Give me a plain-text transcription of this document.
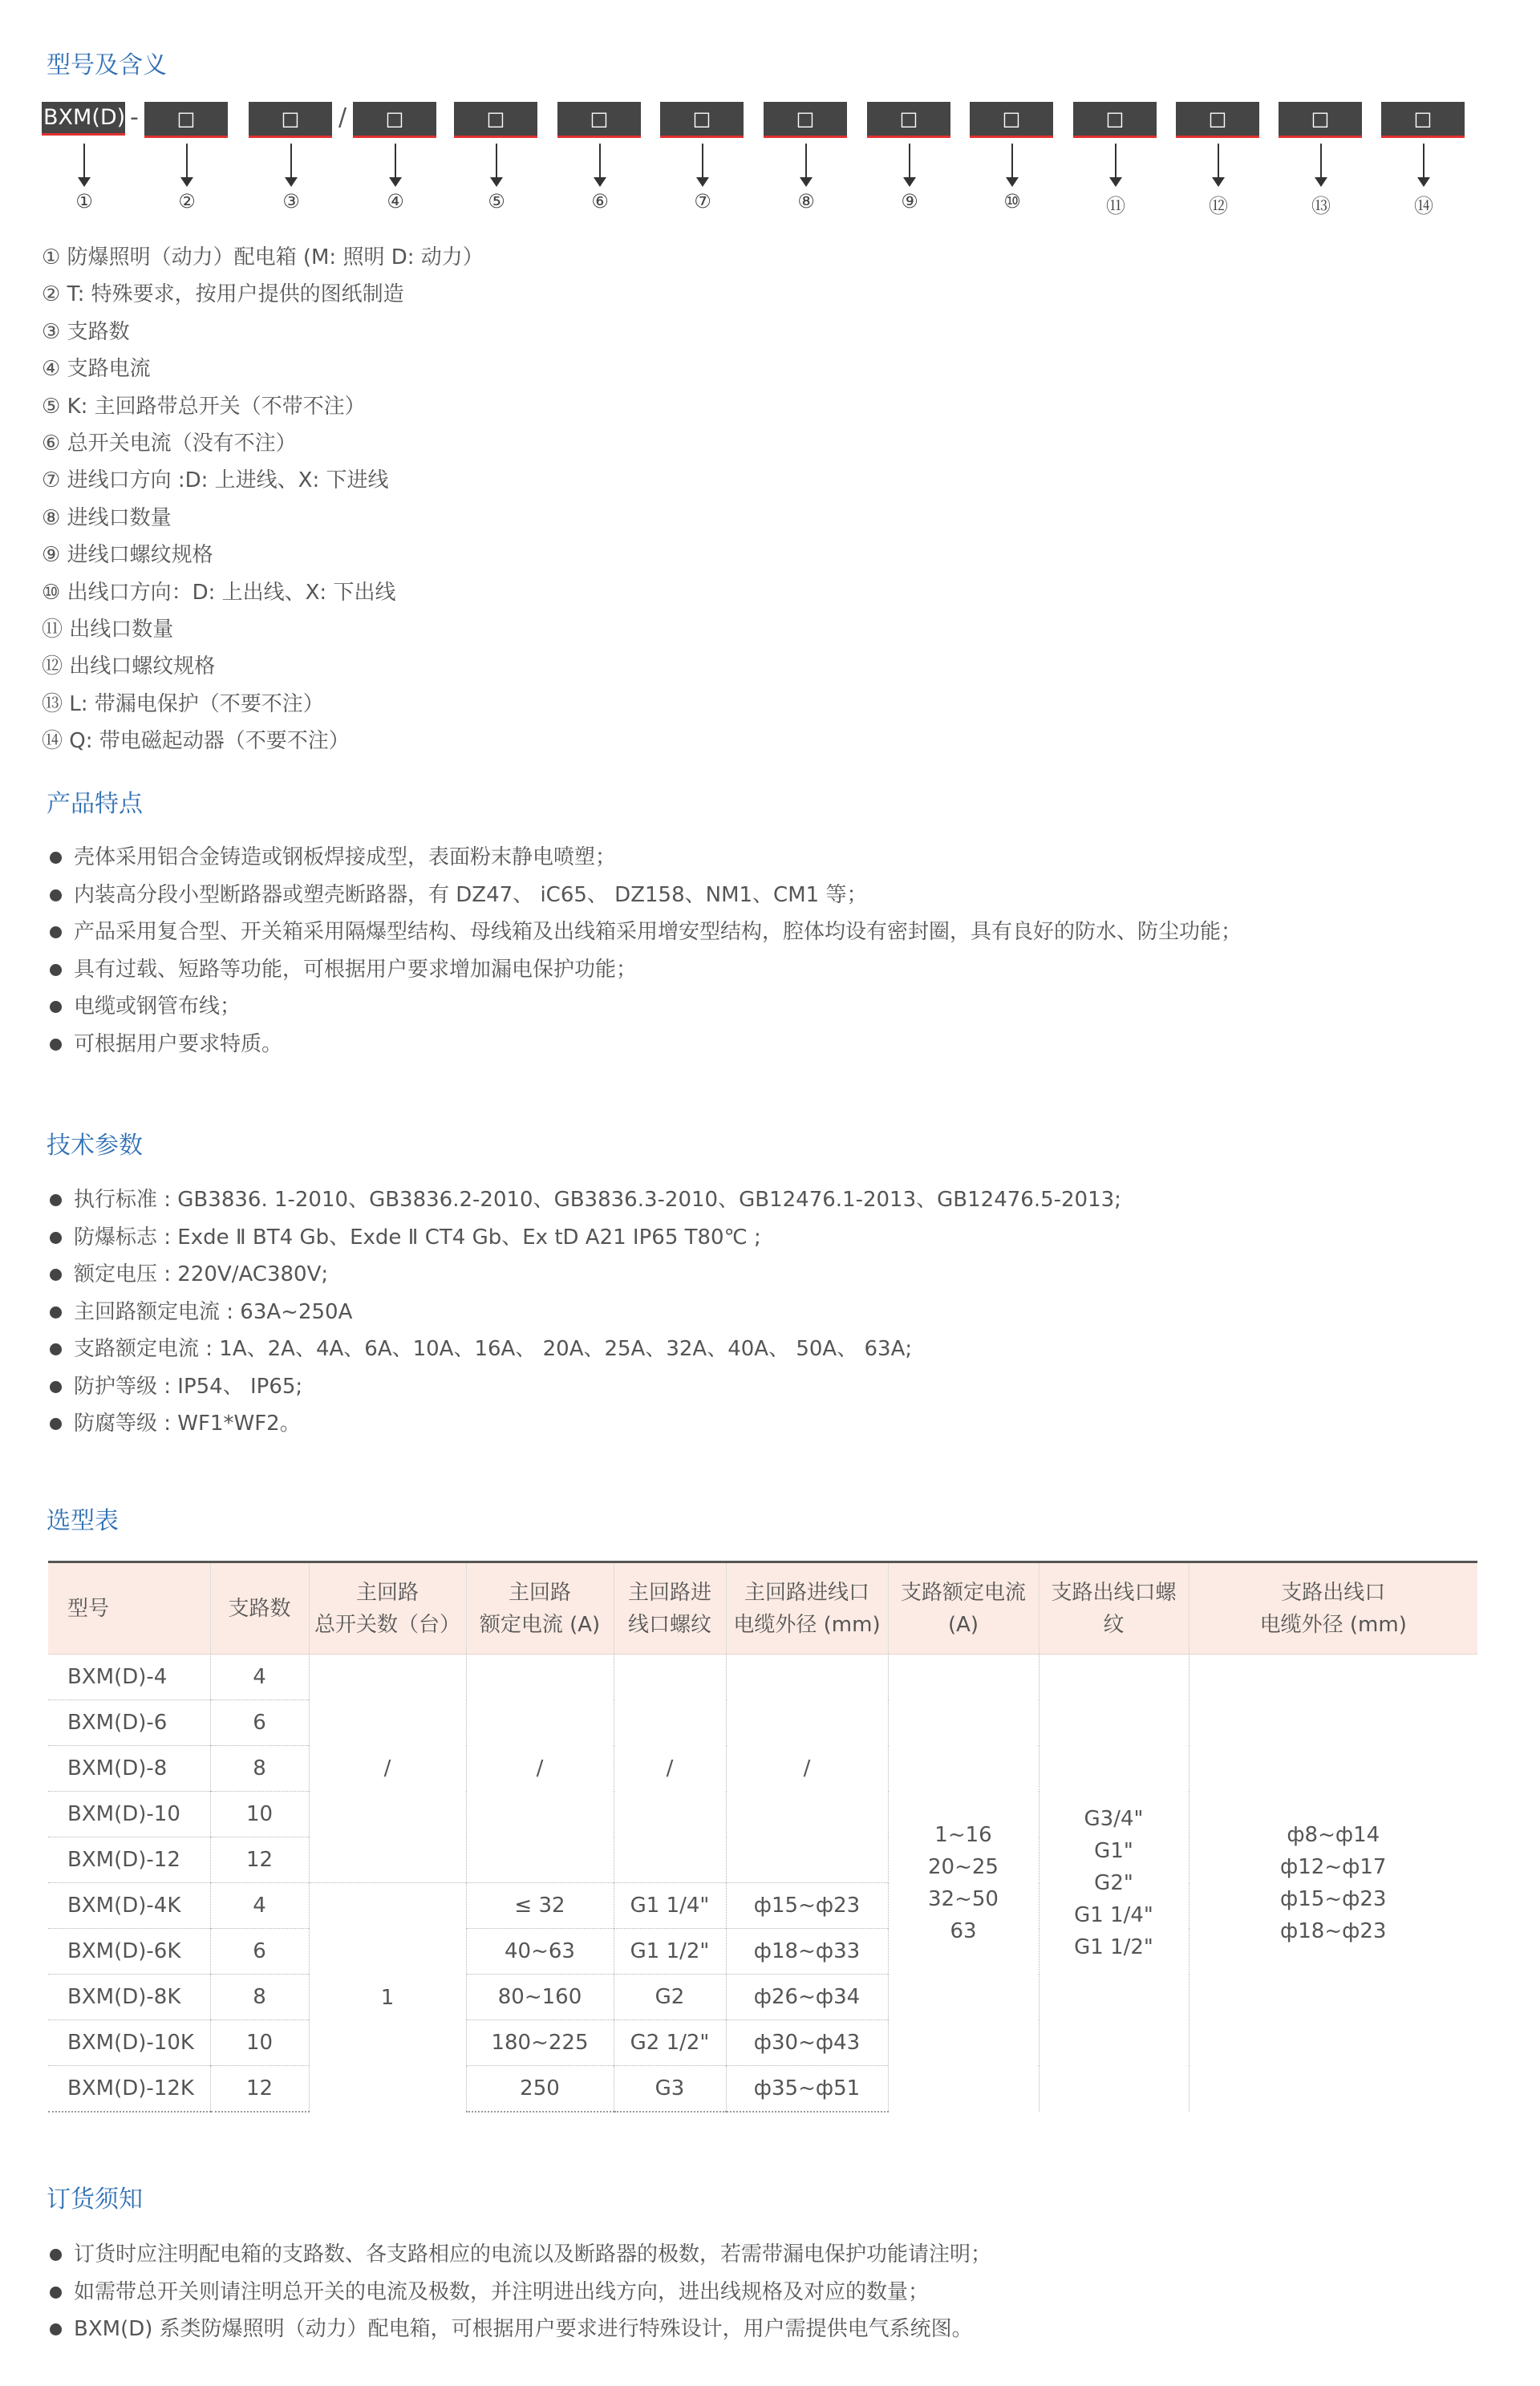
型号及含义
BXM(D) -	□	□	/	□	□	□	□	□	□	□	□	□	□	□
①	②	③	④	⑤	⑥	⑦	⑧	⑨	⑩	⑪	⑫	⑬	⑭
① 防爆照明（动力）配电箱 (M: 照明 D: 动力）
② T: 特殊要求，按用户提供的图纸制造
③ 支路数
④ 支路电流
⑤ K: 主回路带总开关（不带不注）
⑥ 总开关电流（没有不注）
⑦ 进线口方向 :D: 上进线、X: 下进线
⑧ 进线口数量
⑨ 进线口螺纹规格
⑩ 出线口方向：D: 上出线、X: 下出线
⑪ 出线口数量
⑫ 出线口螺纹规格
⑬ L: 带漏电保护（不要不注）
⑭ Q: 带电磁起动器（不要不注）
产品特点
壳体采用铝合金铸造或钢板焊接成型，表面粉末静电喷塑；
内装高分段小型断路器或塑壳断路器，有 DZ47、 iC65、 DZ158、NM1、CM1 等；
产品采用复合型、开关箱采用隔爆型结构、母线箱及出线箱采用增安型结构，腔体均设有密封圈，具有良好的防水、防尘功能；
具有过载、短路等功能，可根据用户要求增加漏电保护功能；
电缆或钢管布线；
可根据用户要求特质。
技术参数
执行标准 : GB3836. 1-2010、GB3836.2-2010、GB3836.3-2010、GB12476.1-2013、GB12476.5-2013;
防爆标志 : Exde Ⅱ BT4 Gb、Exde Ⅱ CT4 Gb、Ex tD A21 IP65 T80℃ ;
额定电压 : 220V/AC380V;
主回路额定电流 : 63A~250A
支路额定电流 : 1A、2A、4A、6A、10A、16A、 20A、25A、32A、40A、 50A、 63A;
防护等级 : IP54、 IP65;
防腐等级 : WF1*WF2。
选型表
型号	支路数	主回路
总开关数（台）	主回路
额定电流 (A)	主回路进
线口螺纹	主回路进线口
电缆外径 (mm)	支路额定电流
(A)	支路出线口螺
纹	支路出线口
电缆外径 (mm)

BXM(D)-4	4	/	/	/	/	1~16
20~25
32~50
63	G3/4"
G1"
G2"
G1 1/4"
G1 1/2"	ф8~ф14
ф12~ф17
ф15~ф23
ф18~ф23

BXM(D)-6	6							
BXM(D)-8	8							
BXM(D)-10	10							
BXM(D)-12	12							
BXM(D)-4K	4	1	≤ 32	G1 1/4"	ф15~ф23			
BXM(D)-6K	6		40~63	G1 1/2"	ф18~ф33			
BXM(D)-8K	8		80~160	G2	ф26~ф34			
BXM(D)-10K	10		180~225	G2 1/2"	ф30~ф43			
BXM(D)-12K	12		250	G3	ф35~ф51			
订货须知
订货时应注明配电箱的支路数、各支路相应的电流以及断路器的极数，若需带漏电保护功能请注明；
如需带总开关则请注明总开关的电流及极数，并注明进出线方向，进出线规格及对应的数量；
BXM(D) 系类防爆照明（动力）配电箱，可根据用户要求进行特殊设计，用户需提供电气系统图。
